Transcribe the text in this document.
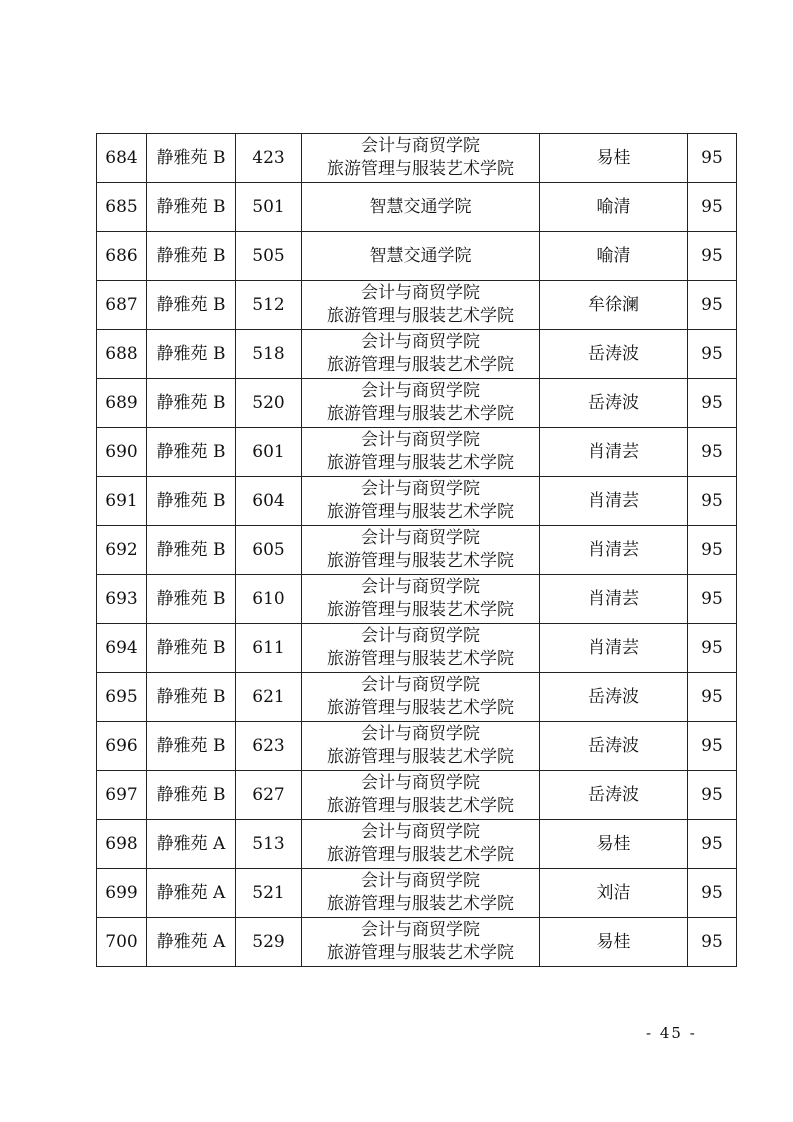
684	静雅苑 B	423	会计与商贸学院
旅游管理与服装艺术学院	易桂	95
685	静雅苑 B	501	智慧交通学院	喻清	95
686	静雅苑 B	505	智慧交通学院	喻清	95
687	静雅苑 B	512	会计与商贸学院
旅游管理与服装艺术学院	牟徐澜	95
688	静雅苑 B	518	会计与商贸学院
旅游管理与服装艺术学院	岳涛波	95
689	静雅苑 B	520	会计与商贸学院
旅游管理与服装艺术学院	岳涛波	95
690	静雅苑 B	601	会计与商贸学院
旅游管理与服装艺术学院	肖清芸	95
691	静雅苑 B	604	会计与商贸学院
旅游管理与服装艺术学院	肖清芸	95
692	静雅苑 B	605	会计与商贸学院
旅游管理与服装艺术学院	肖清芸	95
693	静雅苑 B	610	会计与商贸学院
旅游管理与服装艺术学院	肖清芸	95
694	静雅苑 B	611	会计与商贸学院
旅游管理与服装艺术学院	肖清芸	95
695	静雅苑 B	621	会计与商贸学院
旅游管理与服装艺术学院	岳涛波	95
696	静雅苑 B	623	会计与商贸学院
旅游管理与服装艺术学院	岳涛波	95
697	静雅苑 B	627	会计与商贸学院
旅游管理与服装艺术学院	岳涛波	95
698	静雅苑 A	513	会计与商贸学院
旅游管理与服装艺术学院	易桂	95
699	静雅苑 A	521	会计与商贸学院
旅游管理与服装艺术学院	刘洁	95
700	静雅苑 A	529	会计与商贸学院
旅游管理与服装艺术学院	易桂	95
- 45 -
